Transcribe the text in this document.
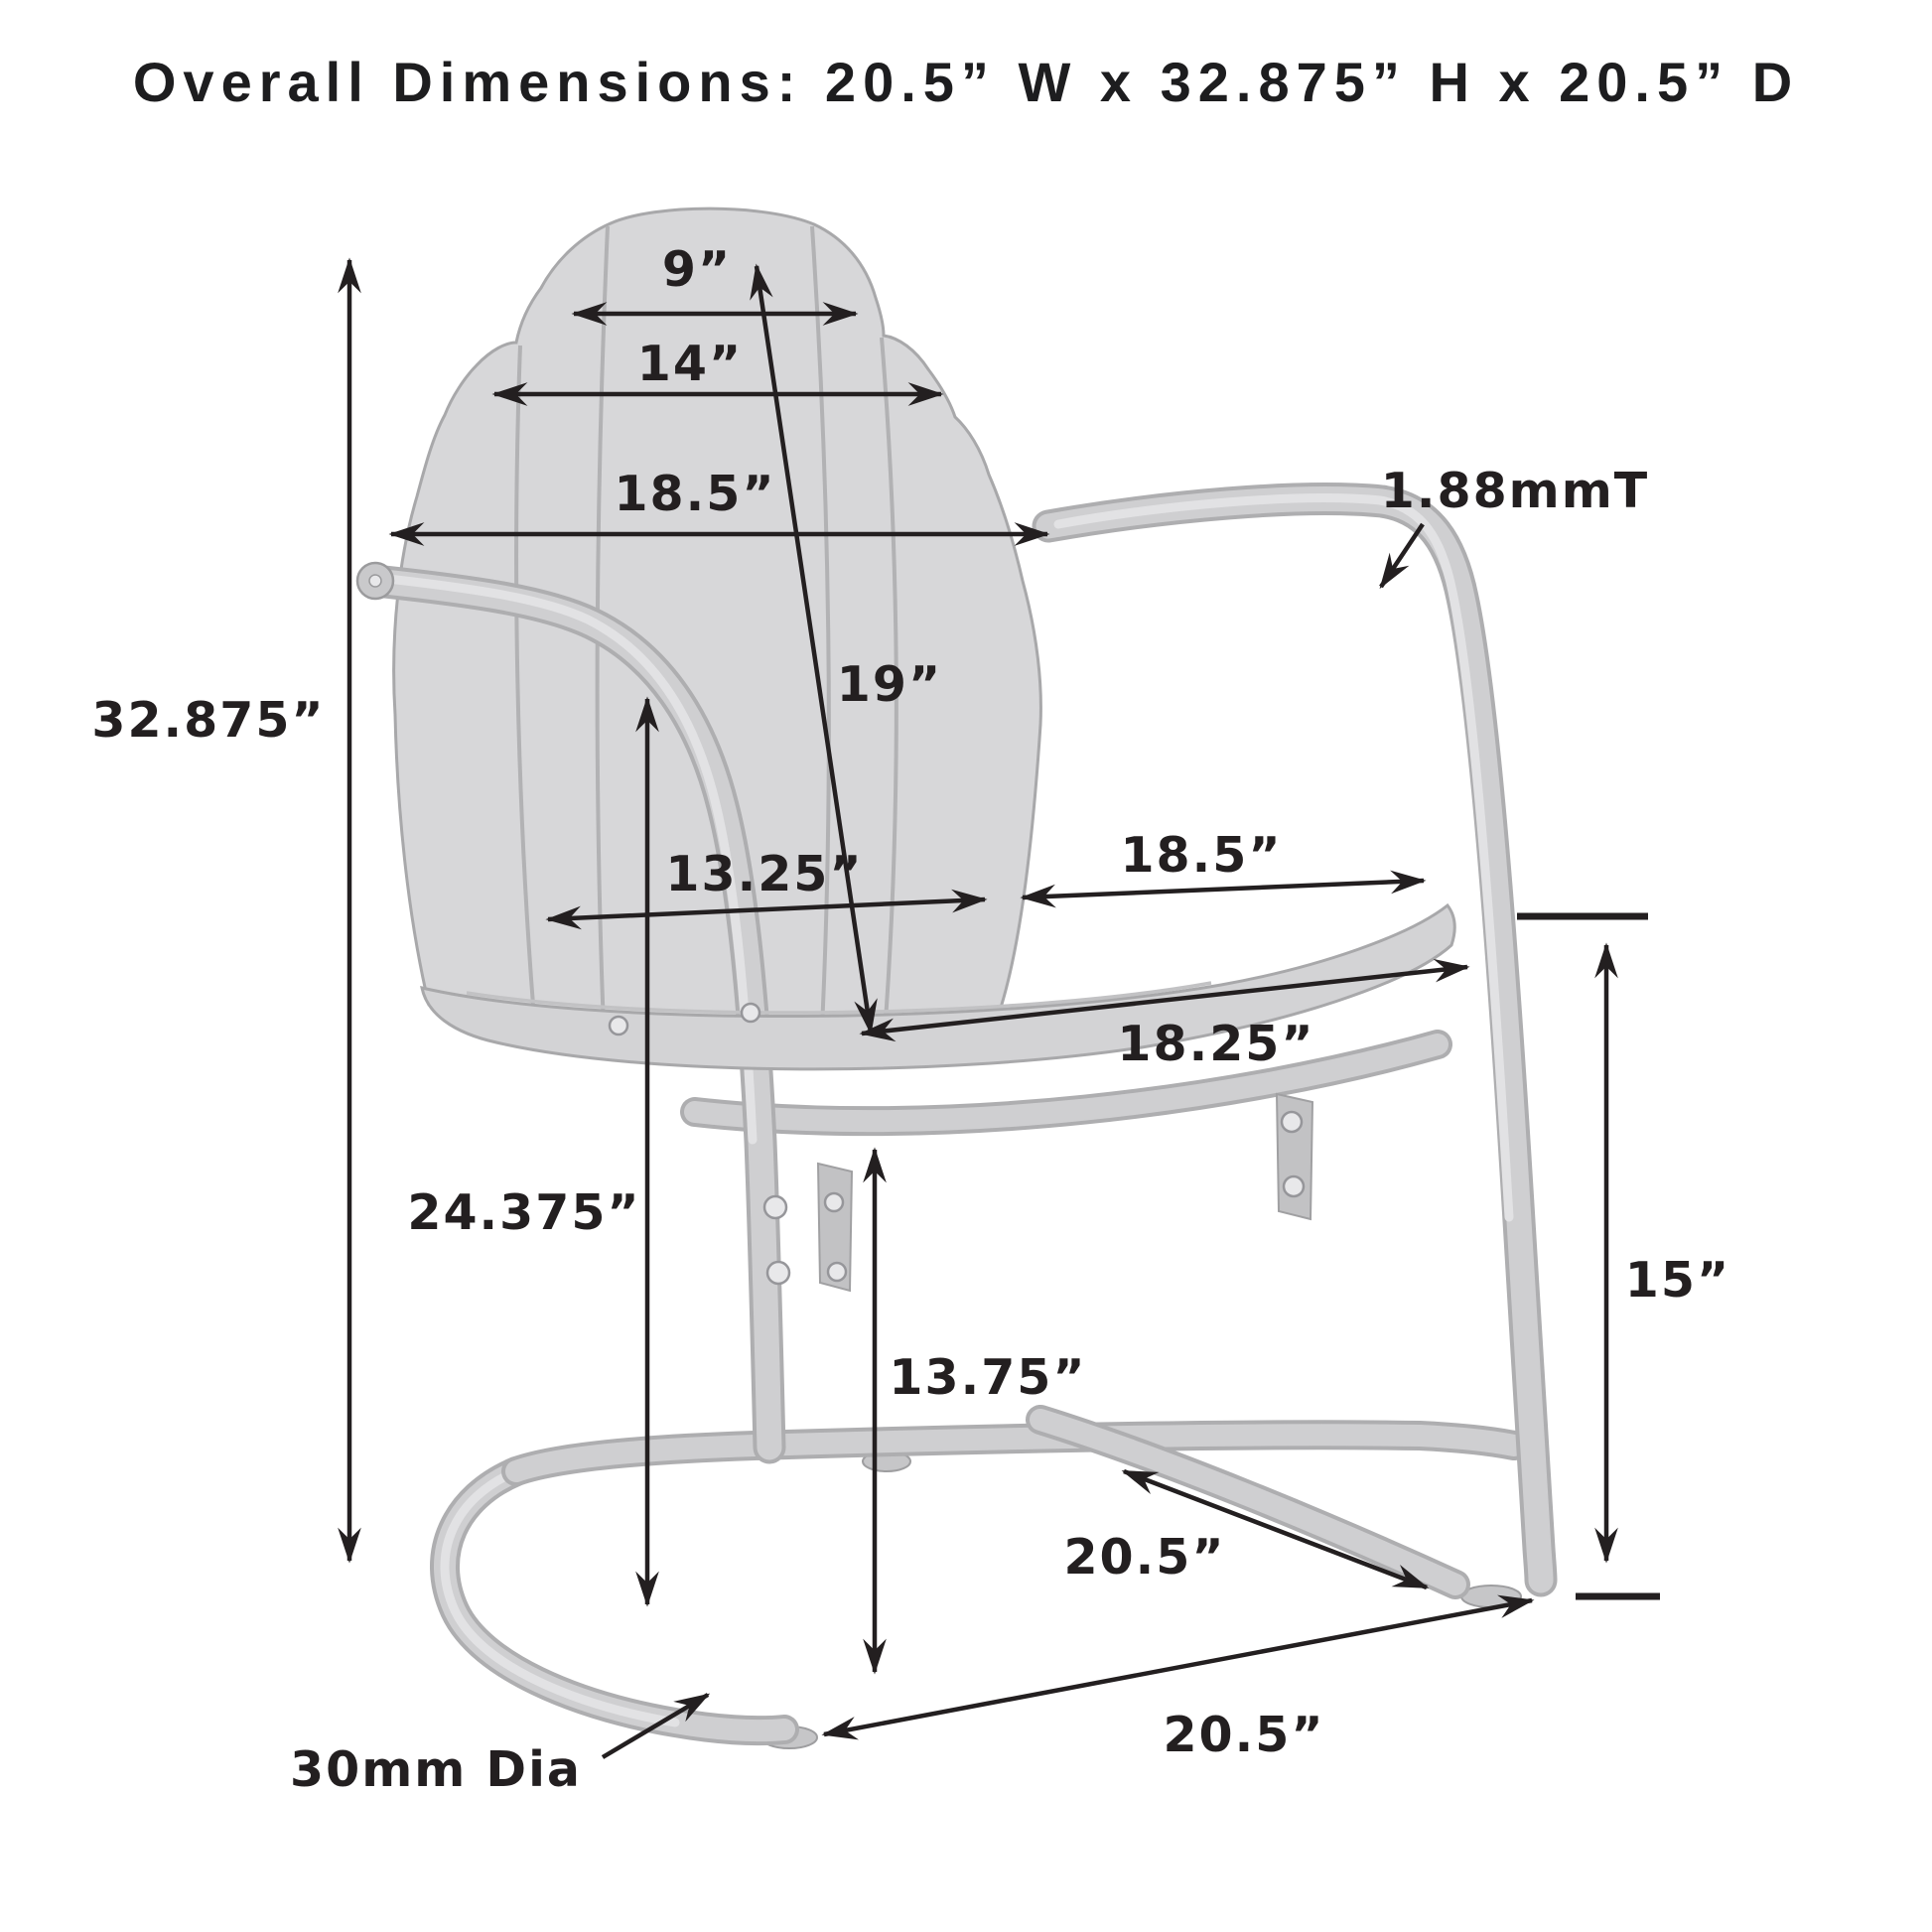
Overall Dimensions: 20.5” W x 32.875” H x 20.5” D
32.875”
9”
14”
18.5”
19”
1.88mmT
13.25”	18.5”
18.25”
24.375”
15”
13.75”
20.5”
20.5”
30mm Dia
